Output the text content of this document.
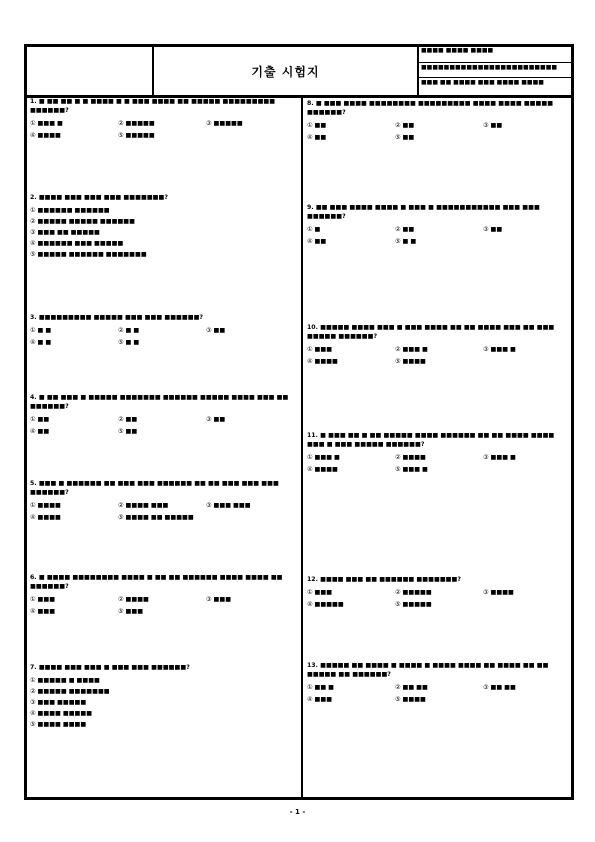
기출 시험지
■■■■ ■■■■ ■■■■
■■■■■■■■■■■■■■■■■■■■■■■■
■■■ ■■ ■■■■ ■■■ ■■■■ ■■■■
1. ■ ■■ ■■ ■ ■ ■■■■ ■ ■ ■■■ ■■■■ ■■ ■■■■■ ■■■■■■■■■ ■■■■■■?
① ■■■ ■	② ■■■■■	③ ■■■■■
④ ■■■■	⑤ ■■■■■
2. ■■■■ ■■■ ■■■ ■■■ ■■■■■■■?
① ■■■■■■ ■■■■■■
② ■■■■■ ■■■■■ ■■■■■■
③ ■■■ ■■ ■■■■■
④ ■■■■■■ ■■■ ■■■■■
⑤ ■■■■■ ■■■■■■ ■■■■■■■
3. ■■■■■■■■■ ■■■■■ ■■■ ■■■ ■■■■■■?
① ■ ■	② ■ ■	③ ■■
④ ■ ■	⑤ ■ ■
4. ■ ■■ ■■■ ■ ■■■■■ ■■■■■■■ ■■■■■■ ■■■■■ ■■■■ ■■■ ■■ ■■■■■■?
① ■■	② ■■	③ ■■
④ ■■	⑤ ■■
5. ■■■ ■ ■■■■■■ ■■ ■■■ ■■■ ■■■■■■ ■■ ■■ ■■■ ■■■ ■■■ ■■■■■■?
① ■■■■	② ■■■■ ■■■	③ ■■■ ■■■
④ ■■■■	⑤ ■■■■ ■■ ■■■■■
6. ■ ■■■■ ■■■■■■■■ ■■■■ ■ ■■ ■■ ■■■■■■ ■■■■ ■■■■ ■■ ■■■■■■?
① ■■■	② ■■■■	③ ■■■
④ ■■■	⑤ ■■■
7. ■■■■ ■■■ ■■■ ■ ■■■ ■■■ ■■■■■■?
① ■■■■■ ■ ■■■■
② ■■■■■ ■■■■■■■
③ ■■■ ■■■■■
④ ■■■■ ■■■■■
⑤ ■■■■ ■■■■
8. ■ ■■■ ■■■■ ■■■■■■■■ ■■■■■■■■■ ■■■■ ■■■■ ■■■■■ ■■■■■■?
① ■■	② ■■	③ ■■
④ ■■	⑤ ■■
9. ■■ ■■■ ■■■■ ■■■■ ■ ■■■ ■ ■■■■■■■■■■■ ■■■ ■■■ ■■■■■■?
① ■	② ■■	③ ■■
④ ■■	⑤ ■ ■
10. ■■■■■ ■■■■ ■■■ ■ ■■■ ■■■■ ■■ ■■ ■■■■ ■■■ ■■ ■■■ ■■■■■ ■■■■■■?
① ■■■	② ■■■ ■	③ ■■■ ■
④ ■■■■	⑤ ■■■■
11. ■ ■■■ ■■ ■ ■■ ■■■■■ ■■■■ ■■■■■■ ■■ ■■ ■■■■ ■■■■ ■■■ ■ ■■■ ■■■■■ ■■■■■■?
① ■■■ ■	② ■■■■	③ ■■■ ■
④ ■■■■	⑤ ■■■ ■
12. ■■■■ ■■■ ■■ ■■■■■■ ■■■■■■■?
① ■■■	② ■■■■■	③ ■■■■
④ ■■■■■	⑤ ■■■■■
13. ■■■■■ ■■ ■■■■ ■ ■■■■ ■ ■■■■ ■■■■ ■■ ■■■■ ■■ ■■ ■■■■■ ■■ ■■■■■■?
① ■■ ■	② ■■ ■■	③ ■■ ■■
④ ■■■	⑤ ■■■■
- 1 -
